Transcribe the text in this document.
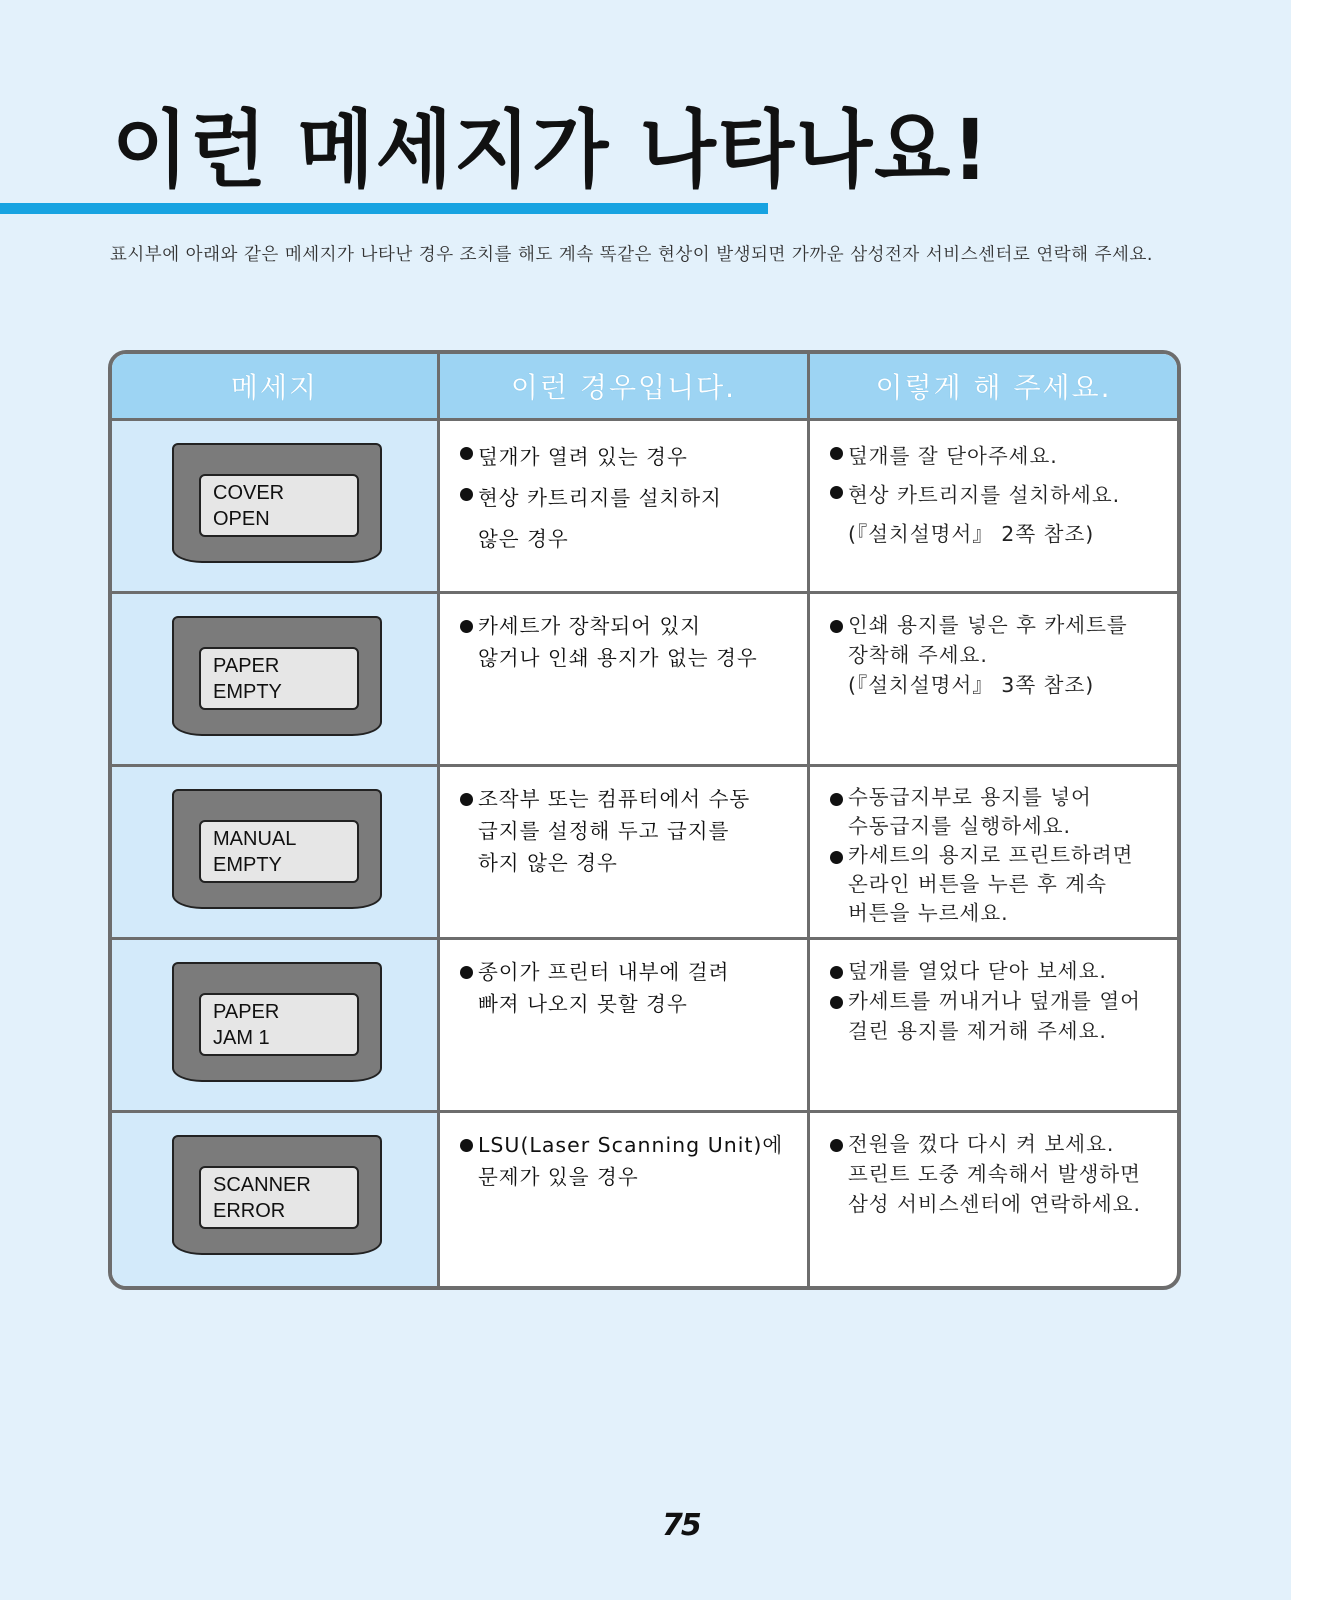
이런 메세지가 나타나요!

표시부에 아래와 같은 메세지가 나타난 경우 조치를 해도 계속 똑같은 현상이 발생되면 가까운 삼성전자 서비스센터로 연락해 주세요.

메세지	이런 경우입니다.	이렇게 해 주세요.
COVER
OPEN

덮개가 열려 있는 경우

현상 카트리지를 설치하지

않은 경우

덮개를 잘 닫아주세요.

현상 카트리지를 설치하세요.

(『설치설명서』 2쪽 참조)

PAPER
EMPTY

카세트가 장착되어 있지

않거나 인쇄 용지가 없는 경우

인쇄 용지를 넣은 후 카세트를

장착해 주세요.

(『설치설명서』 3쪽 참조)

MANUAL
EMPTY

조작부 또는 컴퓨터에서 수동

급지를 설정해 두고 급지를

하지 않은 경우

수동급지부로 용지를 넣어

수동급지를 실행하세요.

카세트의 용지로 프린트하려면

온라인 버튼을 누른 후 계속

버튼을 누르세요.

PAPER
JAM 1

종이가 프린터 내부에 걸려

빠져 나오지 못할 경우

덮개를 열었다 닫아 보세요.

카세트를 꺼내거나 덮개를 열어

걸린 용지를 제거해 주세요.

SCANNER
ERROR

LSU(Laser Scanning Unit)에

문제가 있을 경우

전원을 껐다 다시 켜 보세요.

프린트 도중 계속해서 발생하면

삼성 서비스센터에 연락하세요.

75
